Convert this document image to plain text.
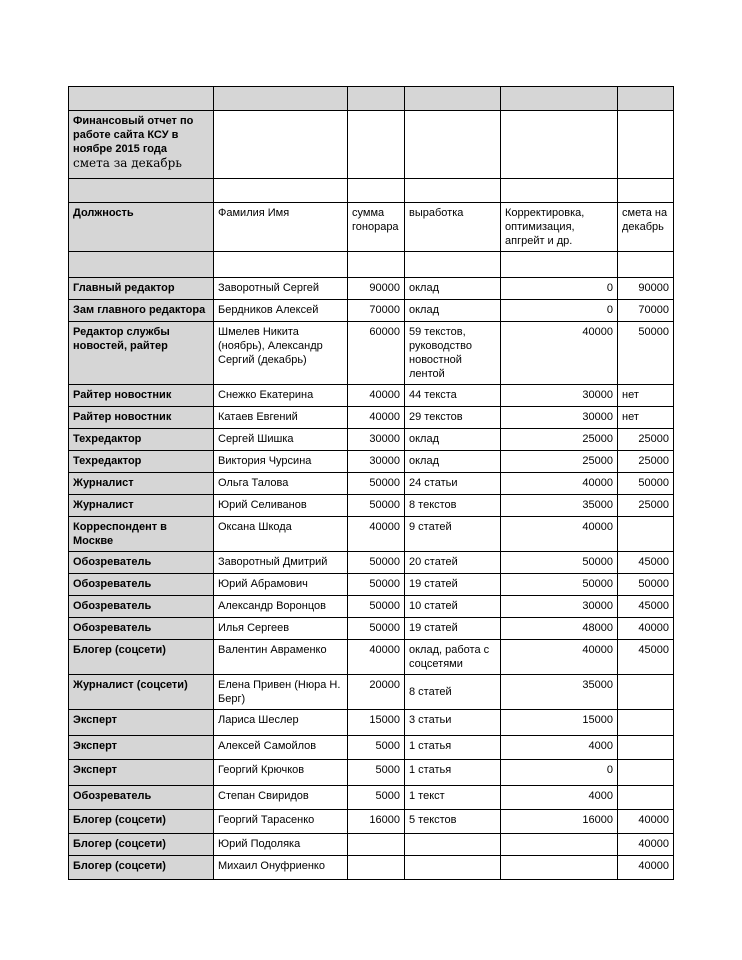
Финансовый отчет по работе сайта КСУ в ноябре 2015 года
смета за декабрь					

Должность	Фамилия Имя	сумма гонорара	выработка	Корректировка, оптимизация, апгрейт и др.	смета на декабрь

Главный редактор	Заворотный Сергей	90000	оклад	0	90000
Зам главного редактора	Бердников Алексей	70000	оклад	0	70000
Редактор службы новостей, райтер	Шмелев Никита (ноябрь), Александр Сергий (декабрь)	60000	59 текстов, руководство новостной лентой	40000	50000
Райтер новостник	Снежко Екатерина	40000	44 текста	30000	нет
Райтер новостник	Катаев Евгений	40000	29 текстов	30000	нет
Техредактор	Сергей Шишка	30000	оклад	25000	25000
Техредактор	Виктория Чурсина	30000	оклад	25000	25000
Журналист	Ольга Талова	50000	24 статьи	40000	50000
Журналист	Юрий Селиванов	50000	8 текстов	35000	25000
Корреспондент в Москве	Оксана Шкода	40000	9 статей	40000	
Обозреватель	Заворотный Дмитрий	50000	20 статей	50000	45000
Обозреватель	Юрий Абрамович	50000	19 статей	50000	50000
Обозреватель	Александр Воронцов	50000	10 статей	30000	45000
Обозреватель	Илья Сергеев	50000	19 статей	48000	40000
Блогер (соцсети)	Валентин Авраменко	40000	оклад, работа с соцсетями	40000	45000
Журналист (соцсети)	Елена Привен (Нюра Н. Берг)	20000	8 статей	35000	
Эксперт	Лариса Шеслер	15000	3 статьи	15000	
Эксперт	Алексей Самойлов	5000	1 статья	4000	
Эксперт	Георгий Крючков	5000	1 статья	0	
Обозреватель	Степан Свиридов	5000	1 текст	4000	
Блогер (соцсети)	Георгий Тарасенко	16000	5 текстов	16000	40000
Блогер (соцсети)	Юрий Подоляка				40000
Блогер (соцсети)	Михаил Онуфриенко				40000
